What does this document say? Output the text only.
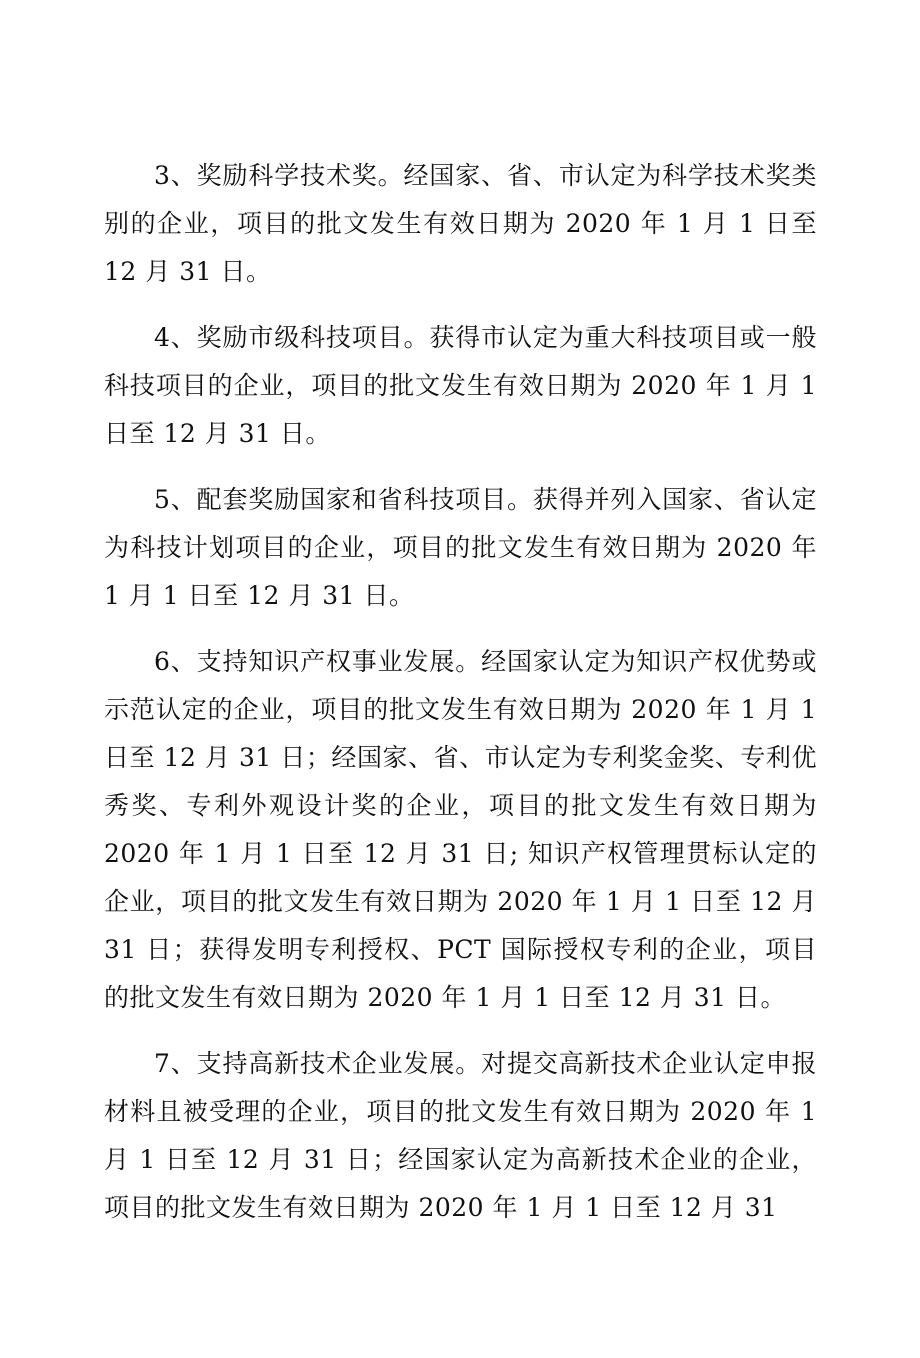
3、奖励科学技术奖。经国家、省、市认定为科学技术奖类别的企业，项目的批文发生有效日期为 2020 年 1 月 1 日至 12 月 31 日。

4、奖励市级科技项目。获得市认定为重大科技项目或一般科技项目的企业，项目的批文发生有效日期为 2020 年 1 月 1 日至 12 月 31 日。

5、配套奖励国家和省科技项目。获得并列入国家、省认定为科技计划项目的企业，项目的批文发生有效日期为 2020 年 1 月 1 日至 12 月 31 日。

6、支持知识产权事业发展。经国家认定为知识产权优势或示范认定的企业，项目的批文发生有效日期为 2020 年 1 月 1 日至 12 月 31 日；经国家、省、市认定为专利奖金奖、专利优秀奖、专利外观设计奖的企业，项目的批文发生有效日期为 2020 年 1 月 1 日至 12 月 31 日; 知识产权管理贯标认定的企业，项目的批文发生有效日期为 2020 年 1 月 1 日至 12 月 31 日；获得发明专利授权、PCT 国际授权专利的企业，项目的批文发生有效日期为 2020 年 1 月 1 日至 12 月 31 日。

7、支持高新技术企业发展。对提交高新技术企业认定申报材料且被受理的企业，项目的批文发生有效日期为 2020 年 1 月 1 日至 12 月 31 日；经国家认定为高新技术企业的企业，项目的批文发生有效日期为 2020 年 1 月 1 日至 12 月 31
